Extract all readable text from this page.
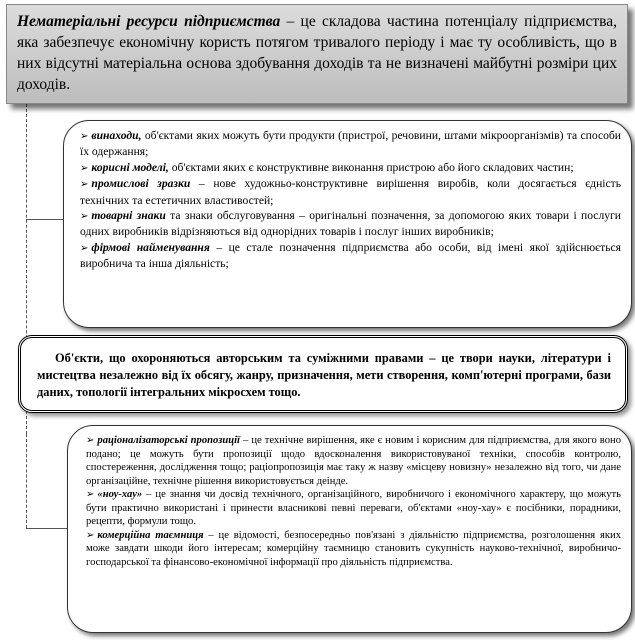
Нематеріальні ресурси підприємства – це складова частина потенціалу підприємства, яка забезпечує економічну користь потягом тривалого періоду і має ту особливість, що в них відсутні матеріальна основа здобування доходів та не визначені майбутні розміри цих доходів.

➢ винаходи, об'єктами яких можуть бути продукти (пристрої, речовини, штами мікроорганізмів) та способи їх одержання;

➢ корисні моделі, об'єктами яких є конструктивне виконання пристрою або його складових частин;

➢ промислові зразки – нове художньо-конструктивне вирішення виробів, коли досягається єдність технічних та естетичних властивостей;

➢ товарні знаки та знаки обслуговування – оригінальні позначення, за допомогою яких товари і послуги одних виробників відрізняються від однорідних товарів і послуг інших виробників;

➢ фірмові найменування – це стале позначення підприємства або особи, від імені якої здійснюється виробнича та інша діяльність;

Об'єкти, що охороняються авторським та суміжними правами – це твори науки, літератури і мистецтва незалежно від їх обсягу, жанру, призначення, мети створення, комп'ютерні програми, бази даних, топології інтегральних мікросхем тощо.

➢ раціоналізаторські пропозиції – це технічне вирішення, яке є новим і корисним для підприємства, для якого воно подано; це можуть бути пропозиції щодо вдосконалення використовуваної техніки, способів контролю, спостереження, дослідження тощо; раціопропозиція має таку ж назву «місцеву новизну» незалежно від того, чи дане організаційне, технічне рішення використовується деінде.

➢ «ноу-хау» – це знання чи досвід технічного, організаційного, виробничого і економічного характеру, що можуть бути практично використані і принести власникові певні переваги, об'єктами «ноу-хау» є посібники, порадники, рецепти, формули тощо.

➢ комерційна таємниця – це відомості, безпосередньо пов'язані з діяльністю підприємства, розголошення яких може завдати шкоди його інтересам; комерційну таємницю становить сукупність науково-технічної, виробничо-господарської та фінансово-економічної інформації про діяльність підприємства.
